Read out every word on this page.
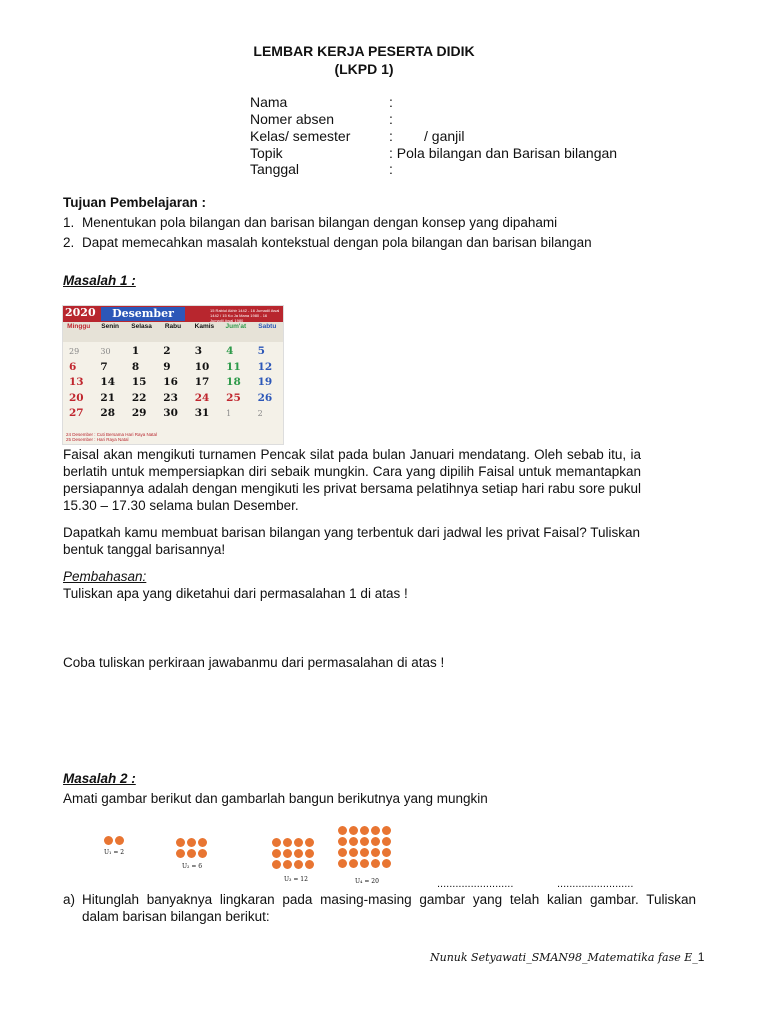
LEMBAR KERJA PESERTA DIDIK
(LKPD 1)
Nama	:
Nomer absen	:
Kelas/ semester	:        / ganjil
Topik	: Pola bilangan dan Barisan bilangan
Tanggal	:
Tujuan Pembelajaran :
1. Menentukan pola bilangan dan barisan bilangan dengan konsep yang dipahami
2. Dapat memecahkan masalah kontekstual dengan pola bilangan dan barisan bilangan
Masalah 1 :
2020	Desember	15 Rabiul Akhir 1442 - 16 Jumadil Awal 1442 / 15 Ko Ja Mana 1980 - 16 Jumadil Awal 1980
Minggu	Senin	Selasa	Rabu	Kamis	Jum'at	Sabtu
29	30	1	2	3	4	5
6	7	8	9	10	11	12
13	14	15	16	17	18	19
20	21	22	23	24	25	26
27	28	29	30	31	1	2
24 Desember : Cuti Bersama Hari Raya Natal
25 Desember : Hari Raya Natal
Faisal akan mengikuti turnamen Pencak silat pada bulan Januari mendatang. Oleh sebab itu, ia berlatih untuk mempersiapkan diri sebaik mungkin. Cara yang dipilih Faisal untuk memantapkan persiapannya adalah dengan mengikuti les privat bersama pelatihnya setiap hari rabu sore pukul 15.30 – 17.30 selama bulan Desember.
Dapatkah kamu membuat barisan bilangan yang terbentuk dari jadwal les privat Faisal? Tuliskan bentuk tanggal barisannya!
Pembahasan:
Tuliskan apa yang diketahui dari permasalahan 1 di atas !
Coba tuliskan perkiraan jawabanmu dari permasalahan di atas !
Masalah 2 :
Amati gambar berikut dan gambarlah bangun berikutnya yang mungkin
U₁ = 2
U₂ = 6
U₃ = 12	U₄ = 20	.........................	.........................
a) Hitunglah banyaknya lingkaran pada masing-masing gambar yang telah kalian gambar. Tuliskan dalam barisan bilangan berikut:
Nunuk Setyawati_SMAN98_Matematika fase E_1
